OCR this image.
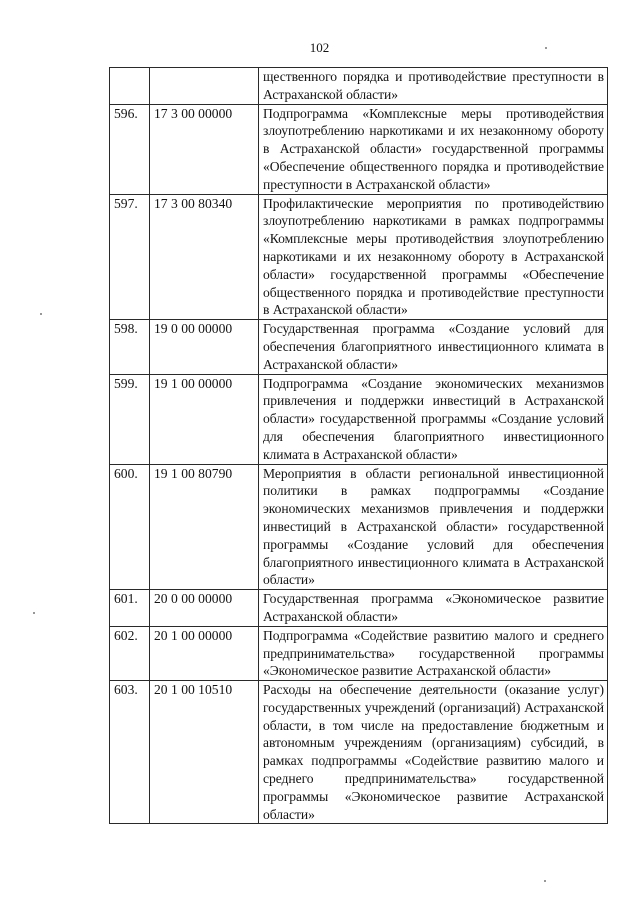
102
		щественного порядка и противодействие преступности в Астраханской области»
596.	17 3 00 00000	Подпрограмма «Комплексные меры противодействия злоупотреблению наркотиками и их незаконному обороту в Астраханской области» государственной программы «Обеспечение общественного порядка и противодействие преступности в Астраханской области»
597.	17 3 00 80340	Профилактические мероприятия по противодействию злоупотреблению наркотиками в рамках подпрограммы «Комплексные меры противодействия злоупотреблению наркотиками и их незаконному обороту в Астраханской области» государственной программы «Обеспечение общественного порядка и противодействие преступности в Астраханской области»
598.	19 0 00 00000	Государственная программа «Создание условий для обеспечения благоприятного инвестиционного климата в Астраханской области»
599.	19 1 00 00000	Подпрограмма «Создание экономических механизмов привлечения и поддержки инвестиций в Астраханской области» государственной программы «Создание условий для обеспечения благоприятного инвестиционного климата в Астраханской области»
600.	19 1 00 80790	Мероприятия в области региональной инвестиционной политики в рамках подпрограммы «Создание экономических механизмов привлечения и поддержки инвестиций в Астраханской области» государственной программы «Создание условий для обеспечения благоприятного инвестиционного климата в Астраханской области»
601.	20 0 00 00000	Государственная программа «Экономическое развитие Астраханской области»
602.	20 1 00 00000	Подпрограмма «Содействие развитию малого и среднего предпринимательства» государственной программы «Экономическое развитие Астраханской области»
603.	20 1 00 10510	Расходы на обеспечение деятельности (оказание услуг) государственных учреждений (организаций) Астраханской области, в том числе на предоставление бюджетным и автономным учреждениям (организациям) субсидий, в рамках подпрограммы «Содействие развитию малого и среднего предпринимательства» государственной программы «Экономическое развитие Астраханской области»
